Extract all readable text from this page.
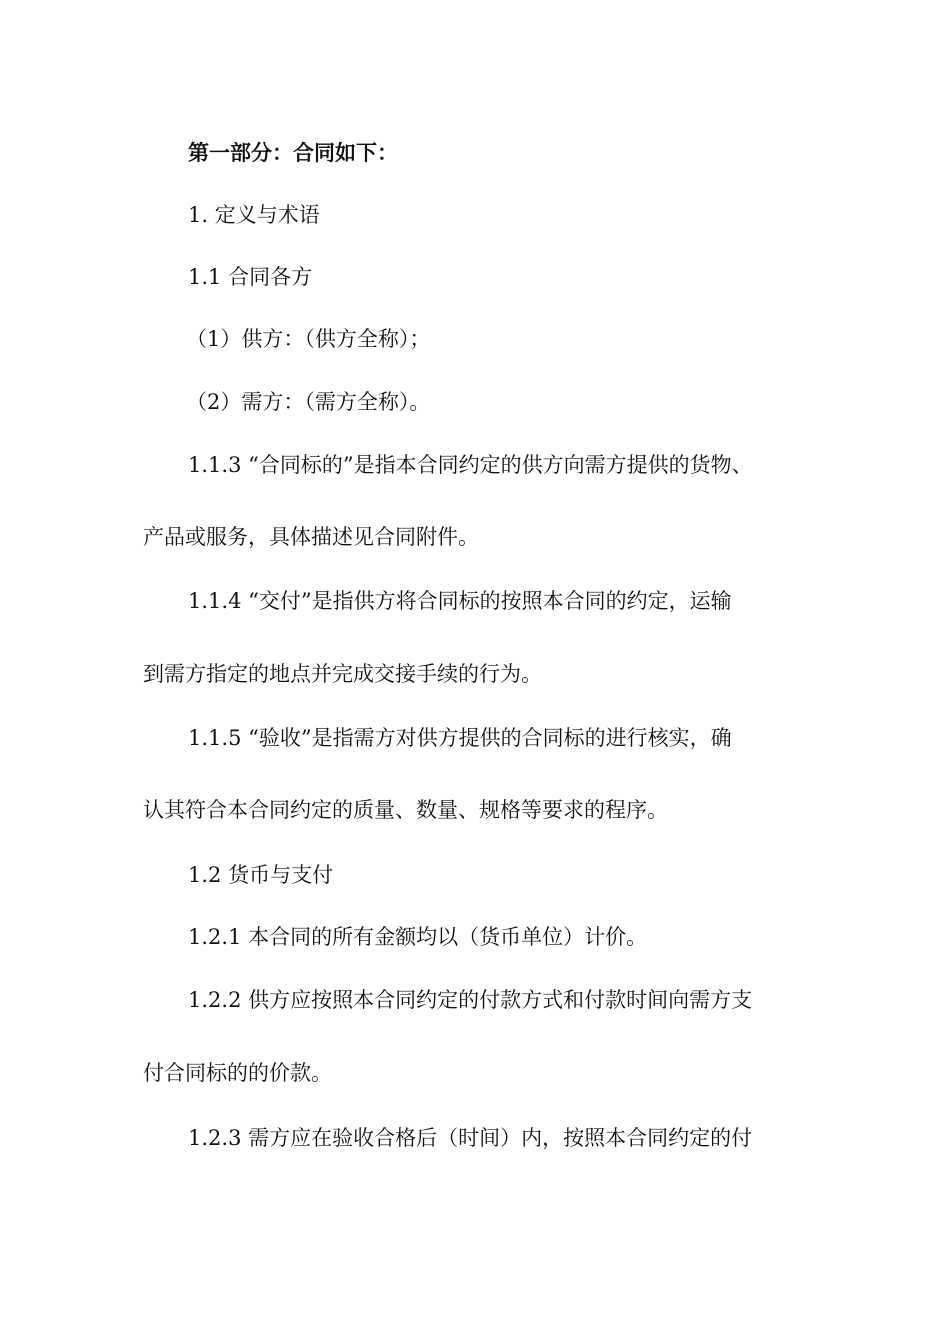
第一部分：合同如下：
1. 定义与术语
1.1 合同各方
（1）供方：（供方全称）；
（2）需方：（需方全称）。
1.1.3 “合同标的”是指本合同约定的供方向需方提供的货物、
产品或服务，具体描述见合同附件。
1.1.4 “交付”是指供方将合同标的按照本合同的约定，运输
到需方指定的地点并完成交接手续的行为。
1.1.5 “验收”是指需方对供方提供的合同标的进行核实，确
认其符合本合同约定的质量、数量、规格等要求的程序。
1.2 货币与支付
1.2.1 本合同的所有金额均以（货币单位）计价。
1.2.2 供方应按照本合同约定的付款方式和付款时间向需方支
付合同标的的价款。
1.2.3 需方应在验收合格后（时间）内，按照本合同约定的付
